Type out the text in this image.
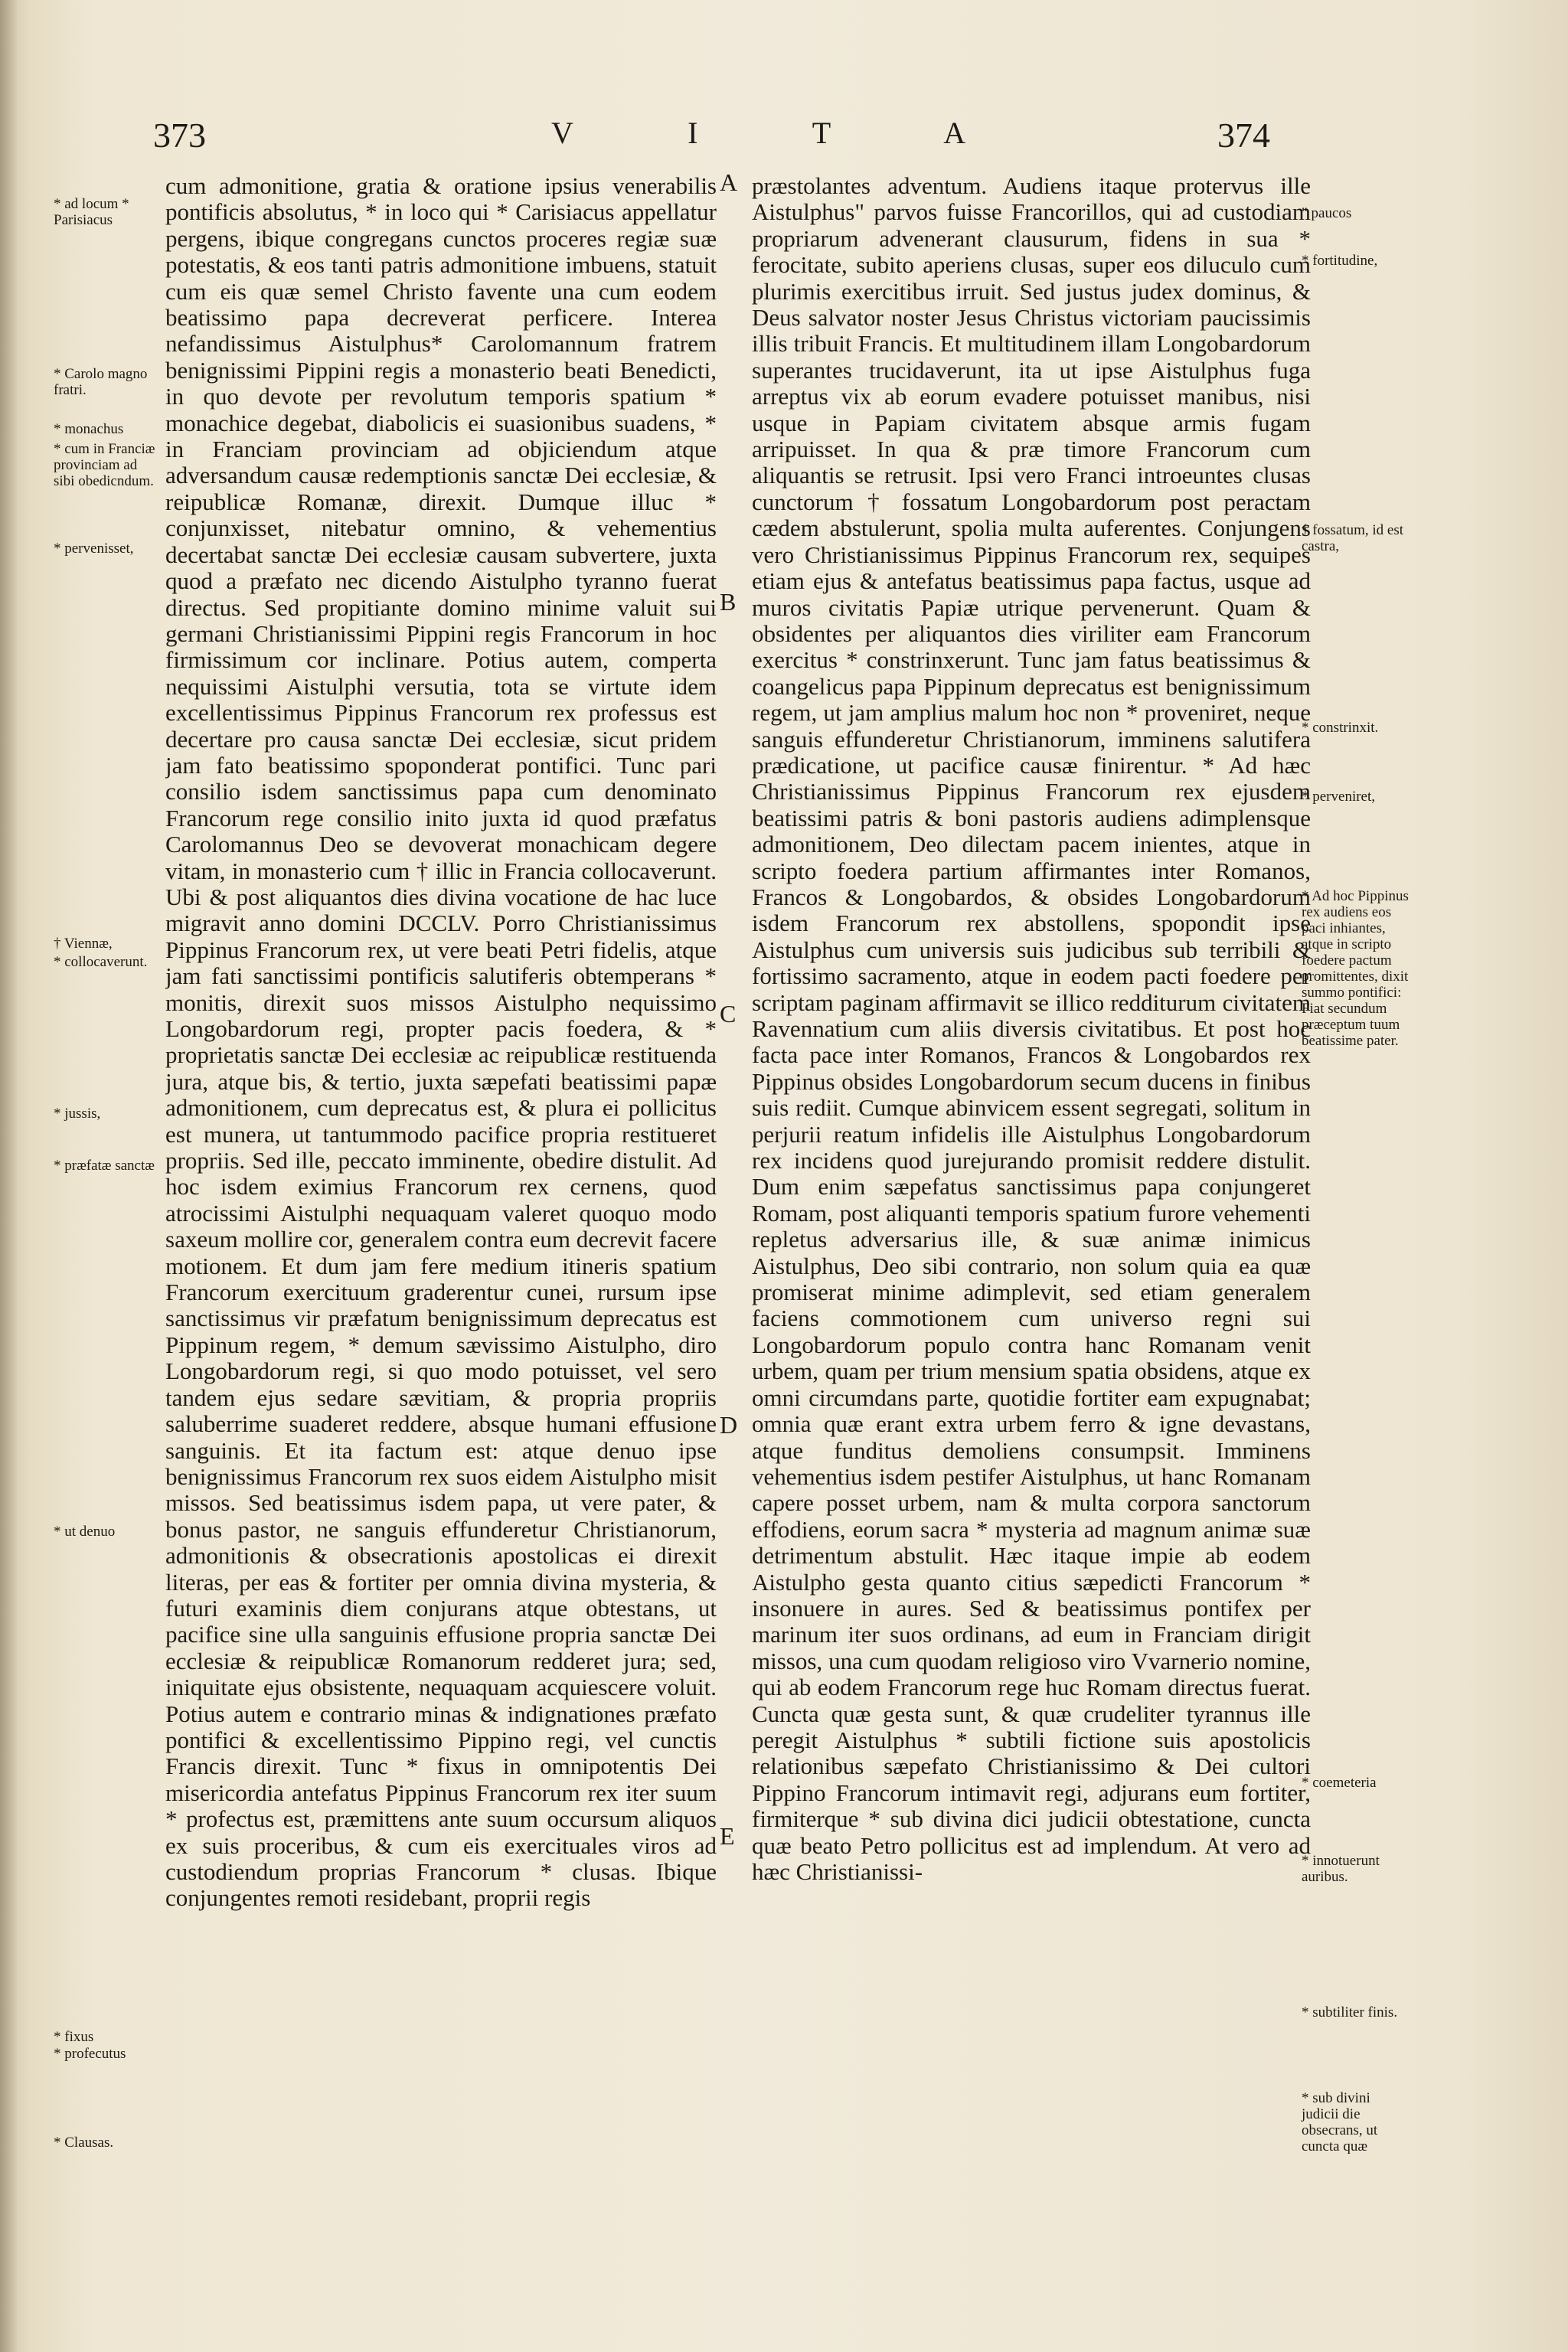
373	V I T A	374
A
B
C
D
E

cum admonitione, gratia & oratione ipsius venerabilis pontificis absolutus, * in loco qui * Carisiacus appellatur pergens, ibique congregans cunctos proceres regiæ suæ potestatis, & eos tanti patris admonitione imbuens, statuit cum eis quæ semel Christo favente una cum eodem beatissimo papa decreverat perficere. Interea nefandissimus Aistulphus* Carolomannum fratrem benignissimi Pippini regis a monasterio beati Benedicti, in quo devote per revolutum temporis spatium * monachice degebat, diabolicis ei suasionibus suadens, * in Franciam provinciam ad objiciendum atque adversandum causæ redemptionis sanctæ Dei ecclesiæ, & reipublicæ Romanæ, direxit. Dumque illuc * conjunxisset, nitebatur omnino, & vehementius decertabat sanctæ Dei ecclesiæ causam subvertere, juxta quod a præfato nec dicendo Aistulpho tyranno fuerat directus. Sed propitiante domino minime valuit sui germani Christianissimi Pippini regis Francorum in hoc firmissimum cor inclinare. Potius autem, comperta nequissimi Aistulphi versutia, tota se virtute idem excellentissimus Pippinus Francorum rex professus est decertare pro causa sanctæ Dei ecclesiæ, sicut pridem jam fato beatissimo spoponderat pontifici. Tunc pari consilio isdem sanctissimus papa cum denominato Francorum rege consilio inito juxta id quod præfatus Carolomannus Deo se devoverat monachicam degere vitam, in monasterio cum † illic in Francia collocaverunt. Ubi & post aliquantos dies divina vocatione de hac luce migravit anno domini DCCLV. Porro Christianissimus Pippinus Francorum rex, ut vere beati Petri fidelis, atque jam fati sanctissimi pontificis salutiferis obtemperans * monitis, direxit suos missos Aistulpho nequissimo Longobardorum regi, propter pacis foedera, & * proprietatis sanctæ Dei ecclesiæ ac reipublicæ restituenda jura, atque bis, & tertio, juxta sæpefati beatissimi papæ admonitionem, cum deprecatus est, & plura ei pollicitus est munera, ut tantummodo pacifice propria restitueret propriis. Sed ille, peccato imminente, obedire distulit. Ad hoc isdem eximius Francorum rex cernens, quod atrocissimi Aistulphi nequaquam valeret quoquo modo saxeum mollire cor, generalem contra eum decrevit facere motionem. Et dum jam fere medium itineris spatium Francorum exercituum graderentur cunei, rursum ipse sanctissimus vir præfatum benignissimum deprecatus est Pippinum regem, * demum sævissimo Aistulpho, diro Longobardorum regi, si quo modo potuisset, vel sero tandem ejus sedare sævitiam, & propria propriis saluberrime suaderet reddere, absque humani effusione sanguinis. Et ita factum est: atque denuo ipse benignissimus Francorum rex suos eidem Aistulpho misit missos. Sed beatissimus isdem papa, ut vere pater, & bonus pastor, ne sanguis effunderetur Christianorum, admonitionis & obsecrationis apostolicas ei direxit literas, per eas & fortiter per omnia divina mysteria, & futuri examinis diem conjurans atque obtestans, ut pacifice sine ulla sanguinis effusione propria sanctæ Dei ecclesiæ & reipublicæ Romanorum redderet jura; sed, iniquitate ejus obsistente, nequaquam acquiescere voluit. Potius autem e contrario minas & indignationes præfato pontifici & excellentissimo Pippino regi, vel cunctis Francis direxit. Tunc * fixus in omnipotentis Dei misericordia antefatus Pippinus Francorum rex iter suum * profectus est, præmittens ante suum occursum aliquos ex suis proceribus, & cum eis exercituales viros ad custodiendum proprias Francorum * clusas. Ibique conjungentes remoti residebant, proprii regis

præstolantes adventum. Audiens itaque protervus ille Aistulphus" parvos fuisse Francorillos, qui ad custodiam propriarum advenerant clausurum, fidens in sua * ferocitate, subito aperiens clusas, super eos diluculo cum plurimis exercitibus irruit. Sed justus judex dominus, & Deus salvator noster Jesus Christus victoriam paucissimis illis tribuit Francis. Et multitudinem illam Longobardorum superantes trucidaverunt, ita ut ipse Aistulphus fuga arreptus vix ab eorum evadere potuisset manibus, nisi usque in Papiam civitatem absque armis fugam arripuisset. In qua & præ timore Francorum cum aliquantis se retrusit. Ipsi vero Franci introeuntes clusas cunctorum † fossatum Longobardorum post peractam cædem abstulerunt, spolia multa auferentes. Conjungens vero Christianissimus Pippinus Francorum rex, sequipes etiam ejus & antefatus beatissimus papa factus, usque ad muros civitatis Papiæ utrique pervenerunt. Quam & obsidentes per aliquantos dies viriliter eam Francorum exercitus * constrinxerunt. Tunc jam fatus beatissimus & coangelicus papa Pippinum deprecatus est benignissimum regem, ut jam amplius malum hoc non * proveniret, neque sanguis effunderetur Christianorum, imminens salutifera prædicatione, ut pacifice causæ finirentur. * Ad hæc Christianissimus Pippinus Francorum rex ejusdem beatissimi patris & boni pastoris audiens adimplensque admonitionem, Deo dilectam pacem inientes, atque in scripto foedera partium affirmantes inter Romanos, Francos & Longobardos, & obsides Longobardorum isdem Francorum rex abstollens, spopondit ipse Aistulphus cum universis suis judicibus sub terribili & fortissimo sacramento, atque in eodem pacti foedere per scriptam paginam affirmavit se illico redditurum civitatem Ravennatium cum aliis diversis civitatibus. Et post hoc facta pace inter Romanos, Francos & Longobardos rex Pippinus obsides Longobardorum secum ducens in finibus suis rediit. Cumque abinvicem essent segregati, solitum in perjurii reatum infidelis ille Aistulphus Longobardorum rex incidens quod jurejurando promisit reddere distulit. Dum enim sæpefatus sanctissimus papa conjungeret Romam, post aliquanti temporis spatium furore vehementi repletus adversarius ille, & suæ animæ inimicus Aistulphus, Deo sibi contrario, non solum quia ea quæ promiserat minime adimplevit, sed etiam generalem faciens commotionem cum universo regni sui Longobardorum populo contra hanc Romanam venit urbem, quam per trium mensium spatia obsidens, atque ex omni circumdans parte, quotidie fortiter eam expugnabat; omnia quæ erant extra urbem ferro & igne devastans, atque funditus demoliens consumpsit. Imminens vehementius isdem pestifer Aistulphus, ut hanc Romanam capere posset urbem, nam & multa corpora sanctorum effodiens, eorum sacra * mysteria ad magnum animæ suæ detrimentum abstulit. Hæc itaque impie ab eodem Aistulpho gesta quanto citius sæpedicti Francorum * insonuere in aures. Sed & beatissimus pontifex per marinum iter suos ordinans, ad eum in Franciam dirigit missos, una cum quodam religioso viro Vvarnerio nomine, qui ab eodem Francorum rege huc Romam directus fuerat. Cuncta quæ gesta sunt, & quæ crudeliter tyrannus ille peregit Aistulphus * subtili fictione suis apostolicis relationibus sæpefato Christianissimo & Dei cultori Pippino Francorum intimavit regi, adjurans eum fortiter, firmiterque * sub divina dici judicii obtestatione, cuncta quæ beato Petro pollicitus est ad implendum. At vero ad hæc Christianissi-

* ad locum * Parisiacus
* Carolo magno fratri.
* monachus
* cum in Franciæ provinciam ad sibi obedicndum.
* pervenisset,
† Viennæ,
* collocaverunt.
* jussis,
* præfatæ sanctæ
* ut denuo
* fixus
* profecutus
* Clausas.
" paucos
* fortitudine,
† fossatum, id est castra,
* constrinxit.
* perveniret,
* Ad hoc Pippinus rex audiens eos paci inhiantes, atque in scripto foedere pactum promittentes, dixit summo pontifici: Fiat secundum præceptum tuum beatissime pater.
* coemeteria
* innotuerunt auribus.
* subtiliter finis.
* sub divini judicii die obsecrans, ut cuncta quæ
